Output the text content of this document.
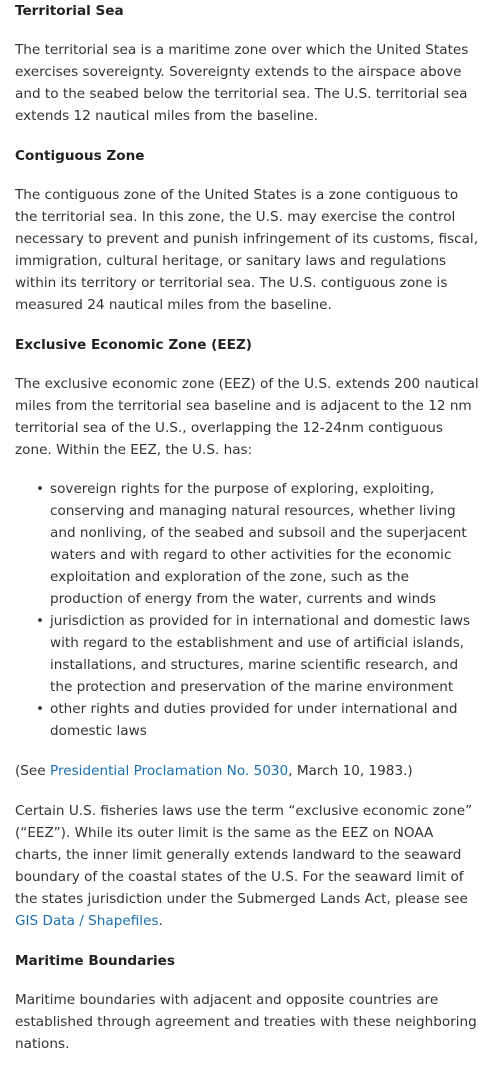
Territorial Sea

The territorial sea is a maritime zone over which the United States exercises sovereignty. Sovereignty extends to the airspace above and to the seabed below the territorial sea. The U.S. territorial sea extends 12 nautical miles from the baseline.

Contiguous Zone

The contiguous zone of the United States is a zone contiguous to the territorial sea. In this zone, the U.S. may exercise the control necessary to prevent and punish infringement of its customs, fiscal, immigration, cultural heritage, or sanitary laws and regulations within its territory or territorial sea. The U.S. contiguous zone is measured 24 nautical miles from the baseline.

Exclusive Economic Zone (EEZ)

The exclusive economic zone (EEZ) of the U.S. extends 200 nautical miles from the territorial sea baseline and is adjacent to the 12 nm territorial sea of the U.S., overlapping the 12-24nm contiguous zone. Within the EEZ, the U.S. has:

• sovereign rights for the purpose of exploring, exploiting, conserving and managing natural resources, whether living and nonliving, of the seabed and subsoil and the superjacent waters and with regard to other activities for the economic exploitation and exploration of the zone, such as the production of energy from the water, currents and winds
• jurisdiction as provided for in international and domestic laws with regard to the establishment and use of artificial islands, installations, and structures, marine scientific research, and the protection and preservation of the marine environment
• other rights and duties provided for under international and domestic laws

(See Presidential Proclamation No. 5030, March 10, 1983.)

Certain U.S. fisheries laws use the term “exclusive economic zone” (“EEZ”). While its outer limit is the same as the EEZ on NOAA charts, the inner limit generally extends landward to the seaward boundary of the coastal states of the U.S. For the seaward limit of the states jurisdiction under the Submerged Lands Act, please see GIS Data / Shapefiles.

Maritime Boundaries

Maritime boundaries with adjacent and opposite countries are established through agreement and treaties with these neighboring nations.
